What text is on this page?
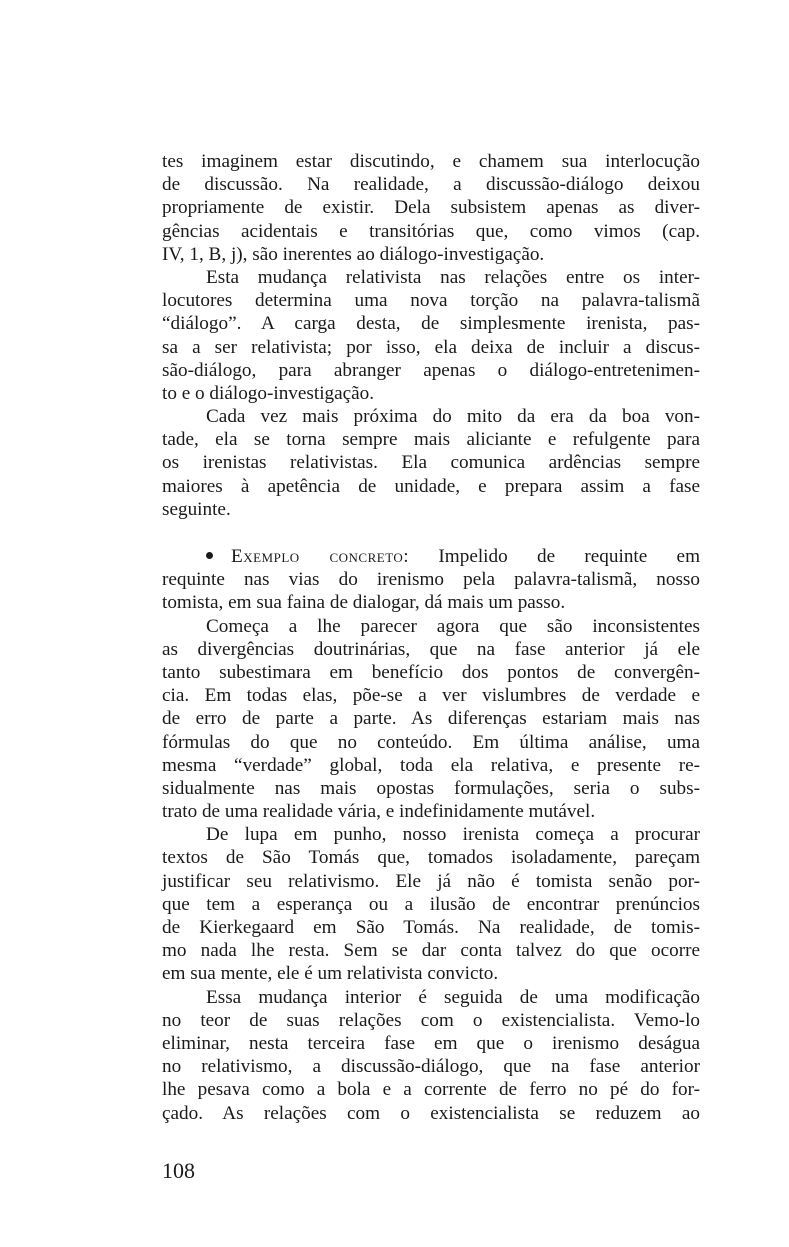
tes imaginem estar discutindo, e chamem sua interlocução
de discussão. Na realidade, a discussão-diálogo deixou
propriamente de existir. Dela subsistem apenas as diver-
gências acidentais e transitórias que, como vimos (cap.
IV, 1, B, j), são inerentes ao diálogo-investigação.
Esta mudança relativista nas relações entre os inter-
locutores determina uma nova torção na palavra-talismã
“diálogo”. A carga desta, de simplesmente irenista, pas-
sa a ser relativista; por isso, ela deixa de incluir a discus-
são-diálogo, para abranger apenas o diálogo-entretenimen-
to e o diálogo-investigação.
Cada vez mais próxima do mito da era da boa von-
tade, ela se torna sempre mais aliciante e refulgente para
os irenistas relativistas. Ela comunica ardências sempre
maiores à apetência de unidade, e prepara assim a fase
seguinte.
Exemplo concreto: Impelido de requinte em
requinte nas vias do irenismo pela palavra-talismã, nosso
tomista, em sua faina de dialogar, dá mais um passo.
Começa a lhe parecer agora que são inconsistentes
as divergências doutrinárias, que na fase anterior já ele
tanto subestimara em benefício dos pontos de convergên-
cia. Em todas elas, põe-se a ver vislumbres de verdade e
de erro de parte a parte. As diferenças estariam mais nas
fórmulas do que no conteúdo. Em última análise, uma
mesma “verdade” global, toda ela relativa, e presente re-
sidualmente nas mais opostas formulações, seria o subs-
trato de uma realidade vária, e indefinidamente mutável.
De lupa em punho, nosso irenista começa a procurar
textos de São Tomás que, tomados isoladamente, pareçam
justificar seu relativismo. Ele já não é tomista senão por-
que tem a esperança ou a ilusão de encontrar prenúncios
de Kierkegaard em São Tomás. Na realidade, de tomis-
mo nada lhe resta. Sem se dar conta talvez do que ocorre
em sua mente, ele é um relativista convicto.
Essa mudança interior é seguida de uma modificação
no teor de suas relações com o existencialista. Vemo-lo
eliminar, nesta terceira fase em que o irenismo deságua
no relativismo, a discussão-diálogo, que na fase anterior
lhe pesava como a bola e a corrente de ferro no pé do for-
çado. As relações com o existencialista se reduzem ao
108
